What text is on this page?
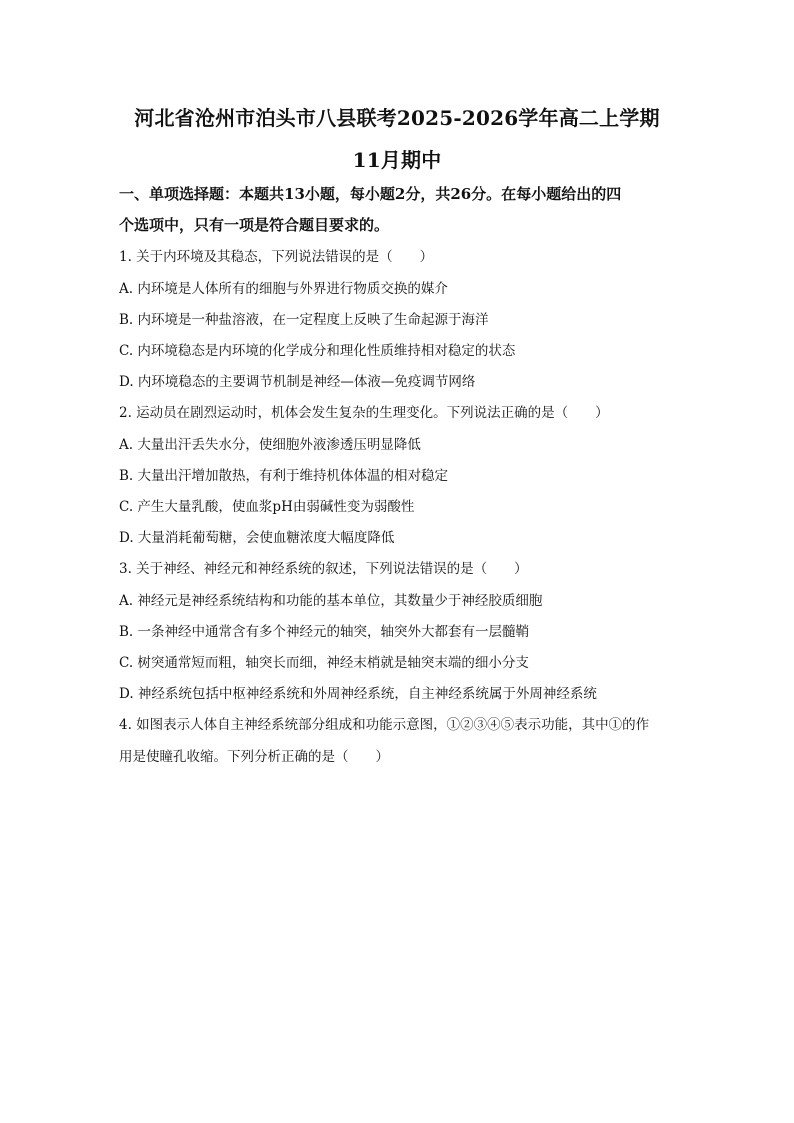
河北省沧州市泊头市八县联考2025-2026学年高二上学期
11月期中
一、单项选择题：本题共13小题，每小题2分，共26分。在每小题给出的四
个选项中，只有一项是符合题目要求的。
1. 关于内环境及其稳态，下列说法错误的是（　　）
A. 内环境是人体所有的细胞与外界进行物质交换的媒介
B. 内环境是一种盐溶液，在一定程度上反映了生命起源于海洋
C. 内环境稳态是内环境的化学成分和理化性质维持相对稳定的状态
D. 内环境稳态的主要调节机制是神经—体液—免疫调节网络
2. 运动员在剧烈运动时，机体会发生复杂的生理变化。下列说法正确的是（　　）
A. 大量出汗丢失水分，使细胞外液渗透压明显降低
B. 大量出汗增加散热，有利于维持机体体温的相对稳定
C. 产生大量乳酸，使血浆pH由弱碱性变为弱酸性
D. 大量消耗葡萄糖，会使血糖浓度大幅度降低
3. 关于神经、神经元和神经系统的叙述，下列说法错误的是（　　）
A. 神经元是神经系统结构和功能的基本单位，其数量少于神经胶质细胞
B. 一条神经中通常含有多个神经元的轴突，轴突外大都套有一层髓鞘
C. 树突通常短而粗，轴突长而细，神经末梢就是轴突末端的细小分支
D. 神经系统包括中枢神经系统和外周神经系统，自主神经系统属于外周神经系统
4. 如图表示人体自主神经系统部分组成和功能示意图，①②③④⑤表示功能，其中①的作
用是使瞳孔收缩。下列分析正确的是（　　）
